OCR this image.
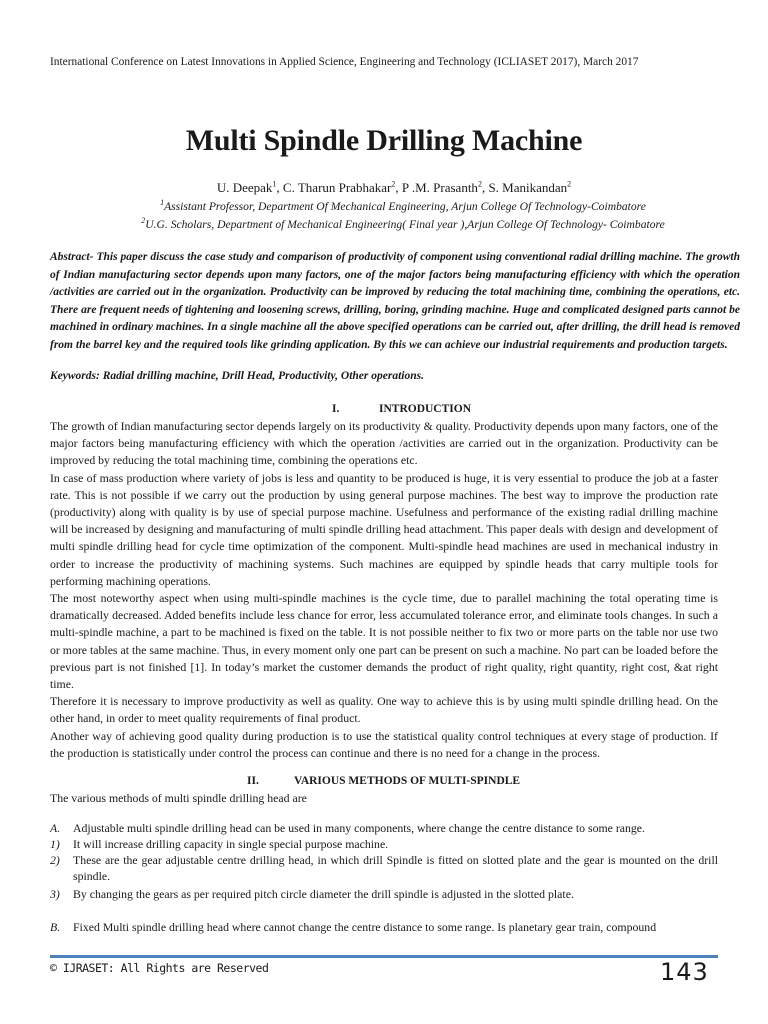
International Conference on Latest Innovations in Applied Science, Engineering and Technology (ICLIASET 2017), March 2017
Multi Spindle Drilling Machine
U. Deepak$^1$, C. Tharun Prabhakar$^2$, P .M. Prasanth$^2$, S. Manikandan$^2$
$^1$Assistant Professor, Department Of Mechanical Engineering, Arjun College Of Technology-Coimbatore
$^2$U.G. Scholars, Department of Mechanical Engineering( Final year ),Arjun College Of Technology- Coimbatore
Abstract- This paper discuss the case study and comparison of productivity of component using conventional radial drilling machine. The growth of Indian manufacturing sector depends upon many factors, one of the major factors being manufacturing efficiency with which the operation /activities are carried out in the organization. Productivity can be improved by reducing the total machining time, combining the operations, etc. There are frequent needs of tightening and loosening screws, drilling, boring, grinding machine. Huge and complicated designed parts cannot be machined in ordinary machines. In a single machine all the above specified operations can be carried out, after drilling, the drill head is removed from the barrel key and the required tools like grinding application. By this we can achieve our industrial requirements and production targets.
Keywords: Radial drilling machine, Drill Head, Productivity, Other operations.
I.	INTRODUCTION

The growth of Indian manufacturing sector depends largely on its productivity & quality. Productivity depends upon many factors, one of the major factors being manufacturing efficiency with which the operation /activities are carried out in the organization. Productivity can be improved by reducing the total machining time, combining the operations etc.

In case of mass production where variety of jobs is less and quantity to be produced is huge, it is very essential to produce the job at a faster rate. This is not possible if we carry out the production by using general purpose machines. The best way to improve the production rate (productivity) along with quality is by use of special purpose machine. Usefulness and performance of the existing radial drilling machine will be increased by designing and manufacturing of multi spindle drilling head attachment. This paper deals with design and development of multi spindle drilling head for cycle time optimization of the component. Multi-spindle head machines are used in mechanical industry in order to increase the productivity of machining systems. Such machines are equipped by spindle heads that carry multiple tools for performing machining operations.

The most noteworthy aspect when using multi-spindle machines is the cycle time, due to parallel machining the total operating time is dramatically decreased. Added benefits include less chance for error, less accumulated tolerance error, and eliminate tools changes. In such a multi-spindle machine, a part to be machined is fixed on the table. It is not possible neither to fix two or more parts on the table nor use two or more tables at the same machine. Thus, in every moment only one part can be present on such a machine. No part can be loaded before the previous part is not finished [1]. In today’s market the customer demands the product of right quality, right quantity, right cost, &at right time.

Therefore it is necessary to improve productivity as well as quality. One way to achieve this is by using multi spindle drilling head. On the other hand, in order to meet quality requirements of final product.

Another way of achieving good quality during production is to use the statistical quality control techniques at every stage of production. If the production is statistically under control the process can continue and there is no need for a change in the process.

II.	VARIOUS METHODS OF MULTI-SPINDLE
The various methods of multi spindle drilling head are
A.	Adjustable multi spindle drilling head can be used in many components, where change the centre distance to some range.
1)	It will increase drilling capacity in single special purpose machine.
2)	These are the gear adjustable centre drilling head, in which drill Spindle is fitted on slotted plate and the gear is mounted on the drill spindle.
3)	By changing the gears as per required pitch circle diameter the drill spindle is adjusted in the slotted plate.
B.	Fixed Multi spindle drilling head where cannot change the centre distance to some range. Is planetary gear train, compound
© IJRASET: All Rights are Reserved	143
